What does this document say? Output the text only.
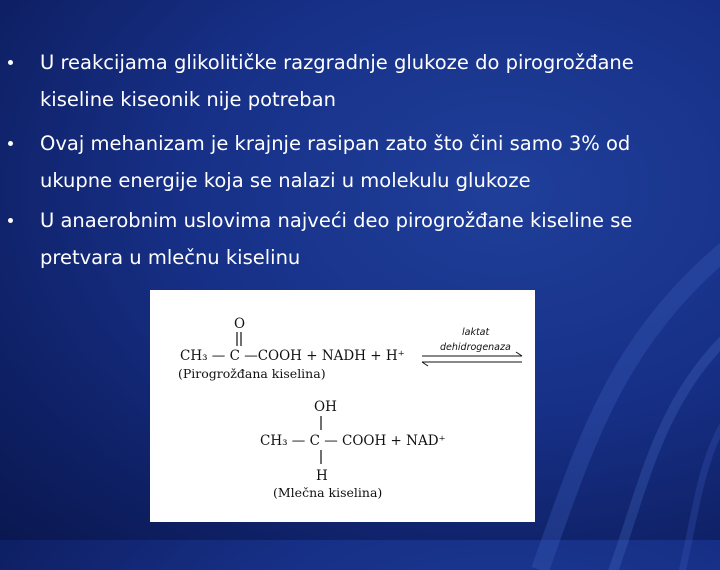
U reakcijama glikolitičke razgradnje glukoze do pirogrožđane
kiseline kiseonik nije potreban
Ovaj mehanizam je krajnje rasipan zato što čini samo 3% od
ukupne energije koja se nalazi u molekulu glukoze
U anaerobnim uslovima najveći deo pirogrožđane kiseline se
pretvara u mlečnu kiselinu
O
CH₃ — C —COOH + NADH + H⁺
(Pirogrožđana kiselina)
laktat
dehidrogenaza
OH
CH₃ — C — COOH + NAD⁺
H
(Mlečna kiselina)
